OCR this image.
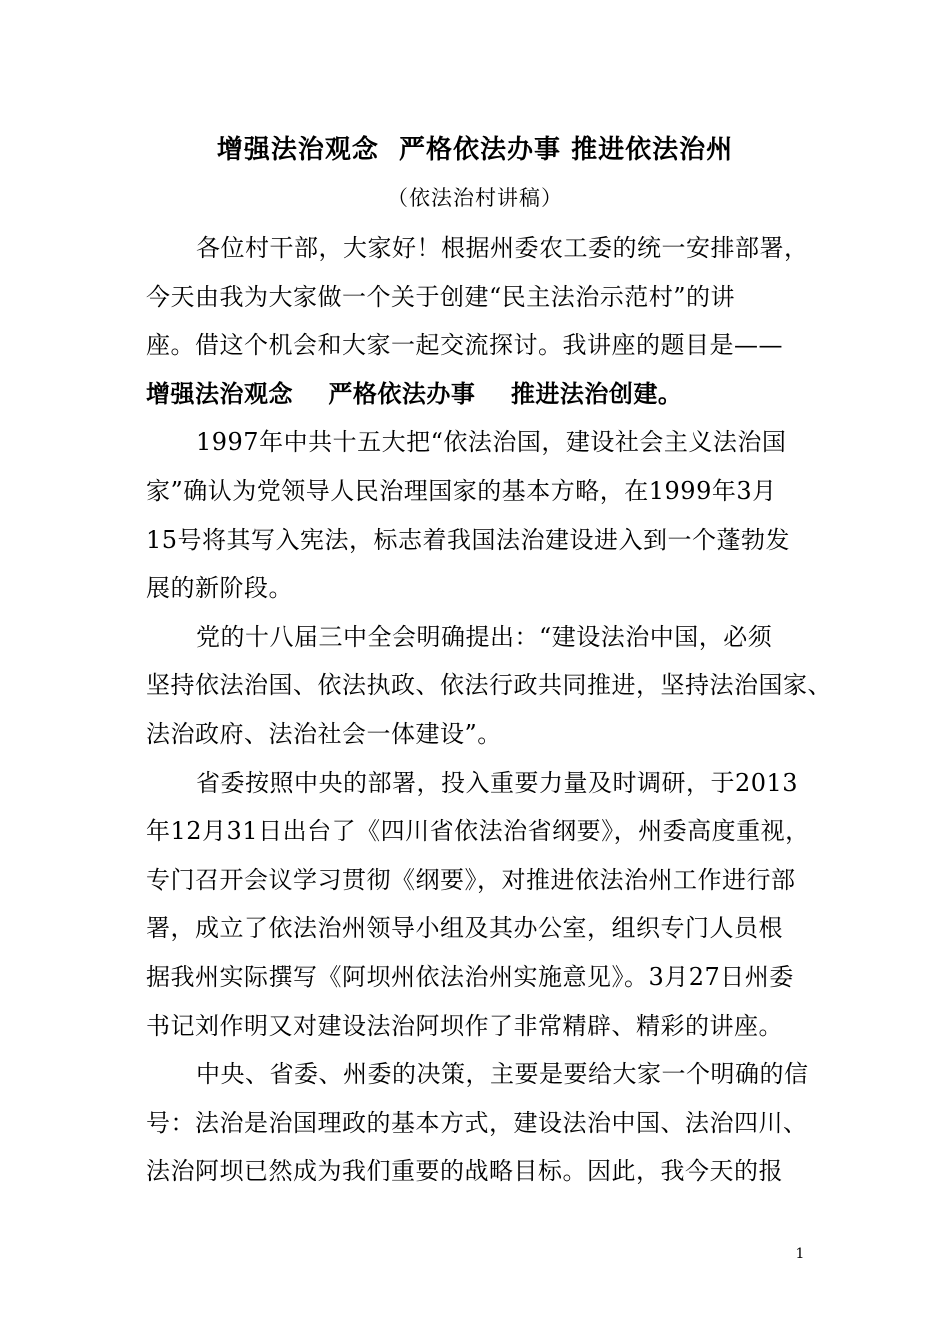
增强法治观念  严格依法办事 推进依法治州
（依法治村讲稿）
各位村干部，大家好！根据州委农工委的统一安排部署，
今天由我为大家做一个关于创建“民主法治示范村”的讲
座。借这个机会和大家一起交流探讨。我讲座的题目是——
增强法治观念    严格依法办事    推进法治创建。
1997年中共十五大把“依法治国，建设社会主义法治国
家”确认为党领导人民治理国家的基本方略，在1999年3月
15号将其写入宪法，标志着我国法治建设进入到一个蓬勃发
展的新阶段。
党的十八届三中全会明确提出：“建设法治中国，必须
坚持依法治国、依法执政、依法行政共同推进，坚持法治国家、
法治政府、法治社会一体建设”。
省委按照中央的部署，投入重要力量及时调研，于2013
年12月31日出台了《四川省依法治省纲要》，州委高度重视，
专门召开会议学习贯彻《纲要》，对推进依法治州工作进行部
署，成立了依法治州领导小组及其办公室，组织专门人员根
据我州实际撰写《阿坝州依法治州实施意见》。3月27日州委
书记刘作明又对建设法治阿坝作了非常精辟、精彩的讲座。
中央、省委、州委的决策，主要是要给大家一个明确的信
号：法治是治国理政的基本方式，建设法治中国、法治四川、
法治阿坝已然成为我们重要的战略目标。因此，我今天的报
1
